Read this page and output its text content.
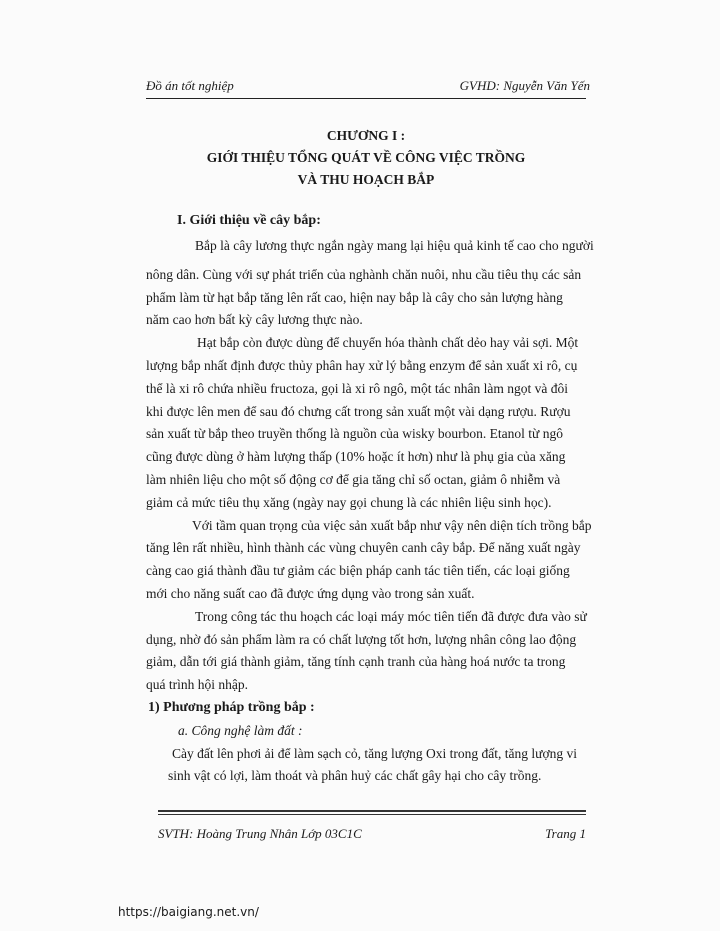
Đồ án tốt nghiệp	GVHD: Nguyễn Văn Yến
CHƯƠNG I :
GIỚI THIỆU TỔNG QUÁT VỀ CÔNG VIỆC TRỒNG
VÀ THU HOẠCH BẮP
I. Giới thiệu về cây bắp:
Bắp là cây lương thực ngắn ngày mang lại hiệu quả kinh tế cao cho người
nông dân. Cùng với sự phát triển của nghành chăn nuôi, nhu cầu tiêu thụ các sản
phẩm làm từ hạt bắp tăng lên rất cao, hiện nay bắp là cây cho sản lượng hàng
năm cao hơn bất kỳ cây lương thực nào.
Hạt bắp còn được dùng để chuyển hóa thành chất dẻo hay vải sợi. Một
lượng bắp nhất định được thủy phân hay xử lý bằng enzym để sản xuất xi rô, cụ
thể là xi rô chứa nhiều fructoza, gọi là xi rô ngô, một tác nhân làm ngọt và đôi
khi được lên men để sau đó chưng cất trong sản xuất một vài dạng rượu. Rượu
sản xuất từ bắp theo truyền thống là nguồn của wisky bourbon. Etanol từ ngô
cũng được dùng ở hàm lượng thấp (10% hoặc ít hơn) như là phụ gia của xăng
làm nhiên liệu cho một số động cơ để gia tăng chỉ số octan, giảm ô nhiễm và
giảm cả mức tiêu thụ xăng (ngày nay gọi chung là các nhiên liệu sinh học).
Với tầm quan trọng của việc sản xuất bắp như vậy nên diện tích trồng bắp
tăng lên rất nhiều, hình thành các vùng chuyên canh cây bắp. Để năng xuất ngày
càng cao giá thành đầu tư giảm các biện pháp canh tác tiên tiến, các loại giống
mới cho năng suất cao đã được ứng dụng vào trong sản xuất.
Trong công tác thu hoạch các loại máy móc tiên tiến đã được đưa vào sử
dụng, nhờ đó sản phẩm làm ra có chất lượng tốt hơn, lượng nhân công lao động
giảm, dẫn tới giá thành giảm, tăng tính cạnh tranh của hàng hoá nước ta trong
quá trình hội nhập.
1) Phương pháp trồng bắp :
a. Công nghệ làm đất :
SVTH: Hoàng Trung Nhân Lớp 03C1C	Trang 1
https://baigiang.net.vn/
Cày đất lên phơi ải để làm sạch cỏ, tăng lượng Oxi trong đất, tăng lượng vi
sinh vật có lợi, làm thoát và phân huỷ các chất gây hại cho cây trồng.
